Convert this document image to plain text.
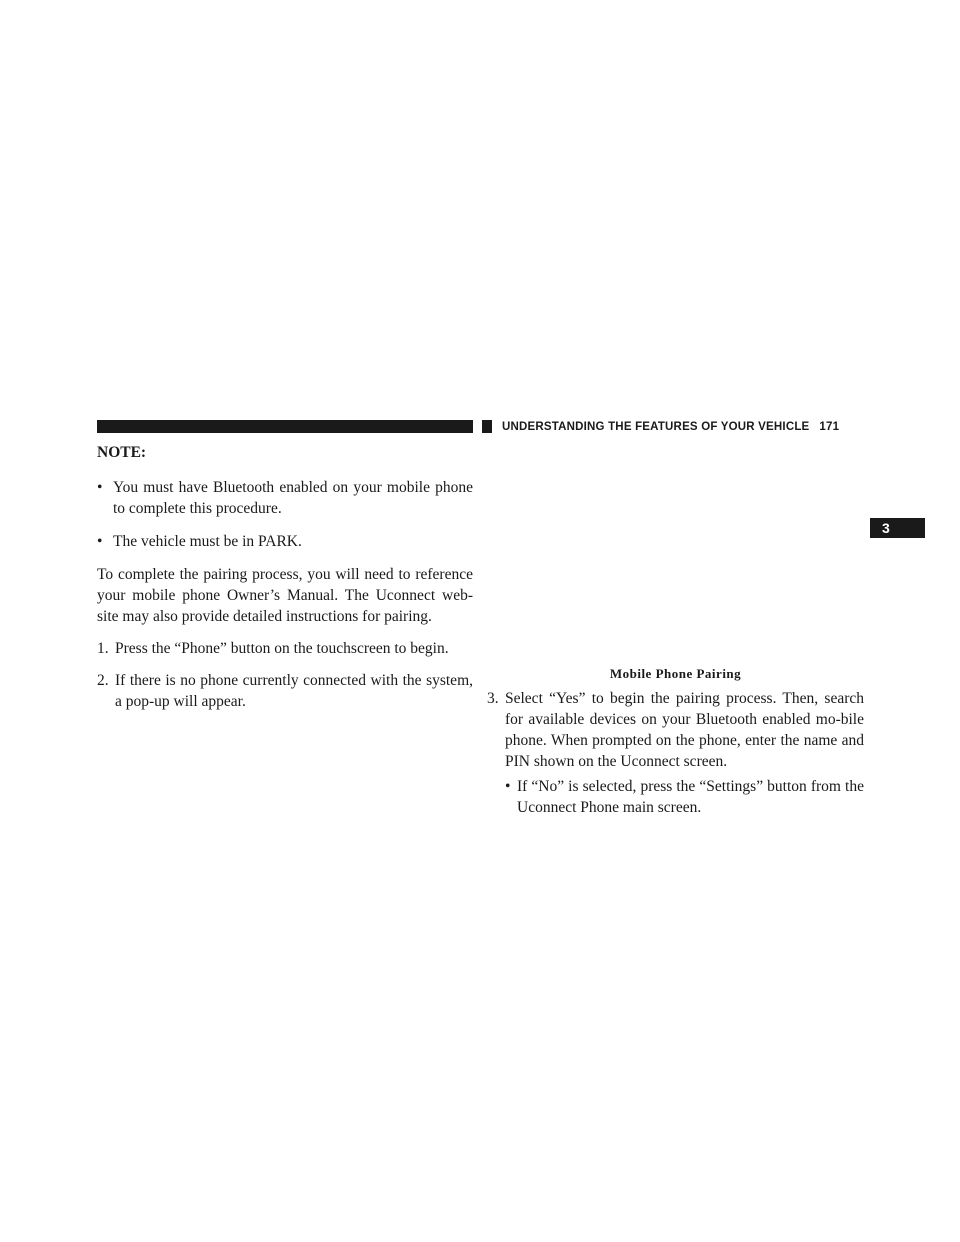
UNDERSTANDING THE FEATURES OF YOUR VEHICLE 171
3

NOTE:

• You must have Bluetooth enabled on your mobile phone to complete this procedure.

• The vehicle must be in PARK.

To complete the pairing process, you will need to reference your mobile phone Owner’s Manual. The Uconnect web-site may also provide detailed instructions for pairing.

1. Press the “Phone” button on the touchscreen to begin.

2. If there is no phone currently connected with the system, a pop-up will appear.

Mobile Phone Pairing

3. Select “Yes” to begin the pairing process. Then, search for available devices on your Bluetooth enabled mo-bile phone. When prompted on the phone, enter the name and PIN shown on the Uconnect screen.

• If “No” is selected, press the “Settings” button from the Uconnect Phone main screen.
